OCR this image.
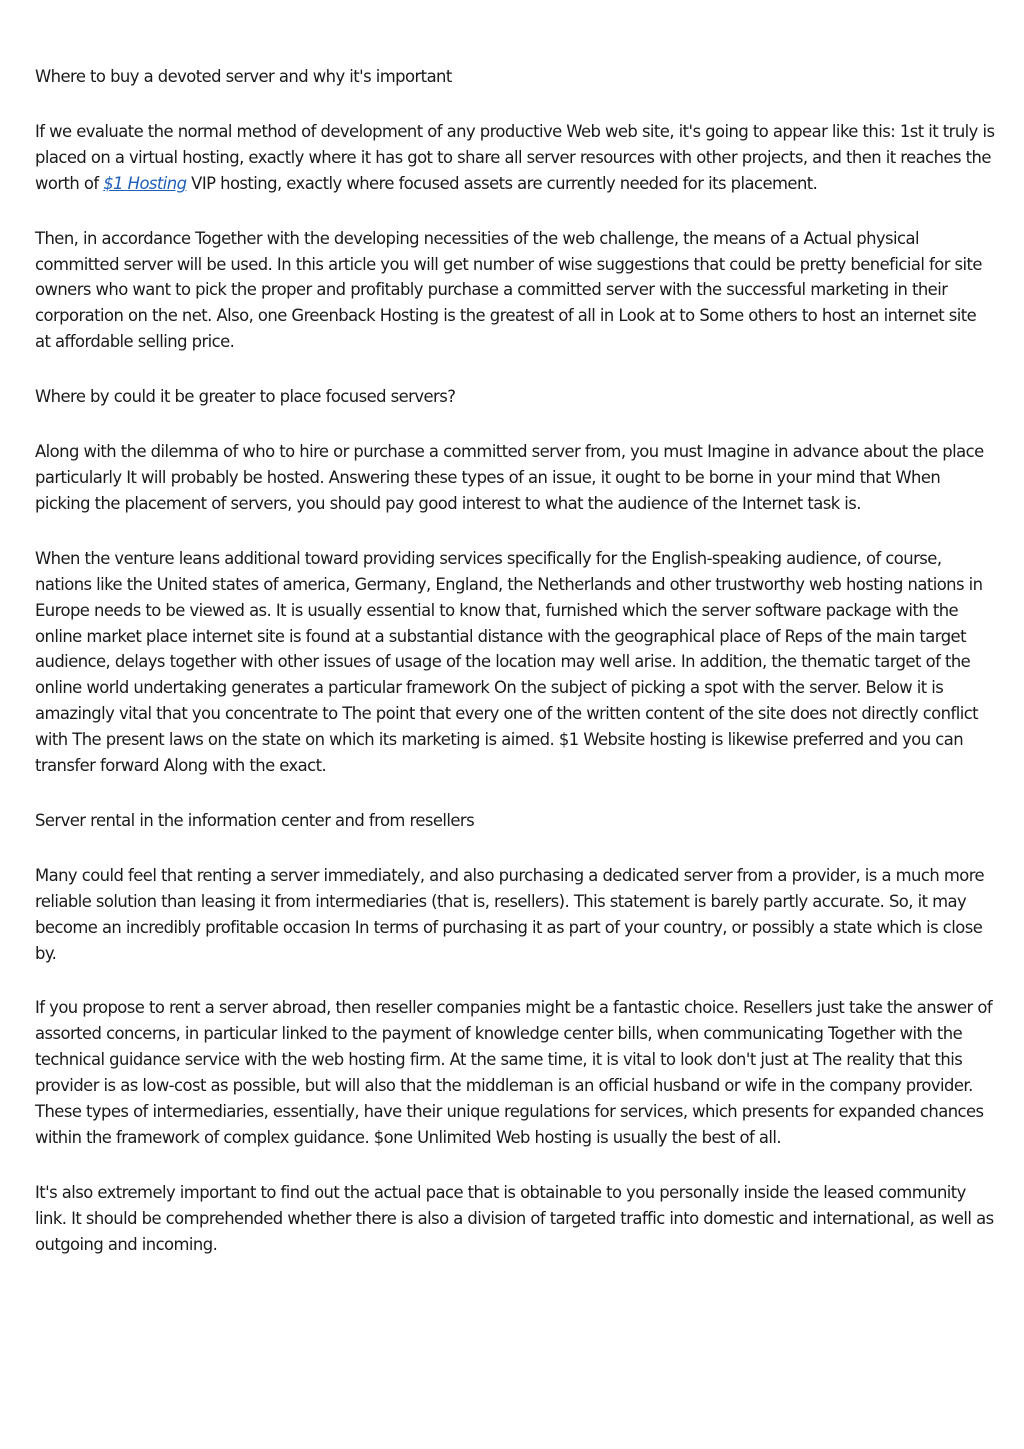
Where to buy a devoted server and why it's important

If we evaluate the normal method of development of any productive Web web site, it's going to appear like this: 1st it truly is placed on a virtual hosting, exactly where it has got to share all server resources with other projects, and then it reaches the worth of $1 Hosting VIP hosting, exactly where focused assets are currently needed for its placement.

Then, in accordance Together with the developing necessities of the web challenge, the means of a Actual physical committed server will be used. In this article you will get number of wise suggestions that could be pretty beneficial for site owners who want to pick the proper and profitably purchase a committed server with the successful marketing in their corporation on the net. Also, one Greenback Hosting is the greatest of all in Look at to Some others to host an internet site at affordable selling price.

Where by could it be greater to place focused servers?

Along with the dilemma of who to hire or purchase a committed server from, you must Imagine in advance about the place particularly It will probably be hosted. Answering these types of an issue, it ought to be borne in your mind that When picking the placement of servers, you should pay good interest to what the audience of the Internet task is.

When the venture leans additional toward providing services specifically for the English-speaking audience, of course, nations like the United states of america, Germany, England, the Netherlands and other trustworthy web hosting nations in Europe needs to be viewed as. It is usually essential to know that, furnished which the server software package with the online market place internet site is found at a substantial distance with the geographical place of Reps of the main target audience, delays together with other issues of usage of the location may well arise. In addition, the thematic target of the online world undertaking generates a particular framework On the subject of picking a spot with the server. Below it is amazingly vital that you concentrate to The point that every one of the written content of the site does not directly conflict with The present laws on the state on which its marketing is aimed. $1 Website hosting is likewise preferred and you can transfer forward Along with the exact.

Server rental in the information center and from resellers

Many could feel that renting a server immediately, and also purchasing a dedicated server from a provider, is a much more reliable solution than leasing it from intermediaries (that is, resellers). This statement is barely partly accurate. So, it may become an incredibly profitable occasion In terms of purchasing it as part of your country, or possibly a state which is close by.

If you propose to rent a server abroad, then reseller companies might be a fantastic choice. Resellers just take the answer of assorted concerns, in particular linked to the payment of knowledge center bills, when communicating Together with the technical guidance service with the web hosting firm. At the same time, it is vital to look don't just at The reality that this provider is as low-cost as possible, but will also that the middleman is an official husband or wife in the company provider. These types of intermediaries, essentially, have their unique regulations for services, which presents for expanded chances within the framework of complex guidance. $one Unlimited Web hosting is usually the best of all.

It's also extremely important to find out the actual pace that is obtainable to you personally inside the leased community link. It should be comprehended whether there is also a division of targeted traffic into domestic and international, as well as outgoing and incoming.
